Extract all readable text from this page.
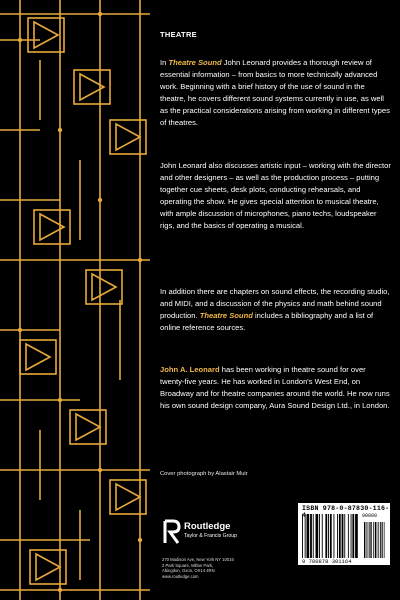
THEATRE

In Theatre Sound John Leonard provides a thorough review of essential information – from basics to more technically advanced work. Beginning with a brief history of the use of sound in the theatre, he covers different sound systems currently in use, as well as the practical considerations arising from working in different types of theatres.

John Leonard also discusses artistic input – working with the director and other designers – as well as the production process – putting together cue sheets, desk plots, conducting rehearsals, and operating the show. He gives special attention to musical theatre, with ample discussion of microphones, piano techs, loudspeaker rigs, and the basics of operating a musical.

In addition there are chapters on sound effects, the recording studio, and MIDI, and a discussion of the physics and math behind sound production. Theatre Sound includes a bibliography and a list of online reference sources.

John A. Leonard has been working in theatre sound for over twenty-five years. He has worked in London's West End, on Broadway and for theatre companies around the world. He now runs his own sound design company, Aura Sound Design Ltd., in London.

Cover photograph by Alastair Muir
Routledge
Taylor & Francis Group
270 Madison Ave, New York NY 10016
2 Park Square, Milton Park,
Abingdon, Oxon, OX14 4RN
www.routledge.com
ISBN 978-0-87830-116-4	90000
9 780878 301164
